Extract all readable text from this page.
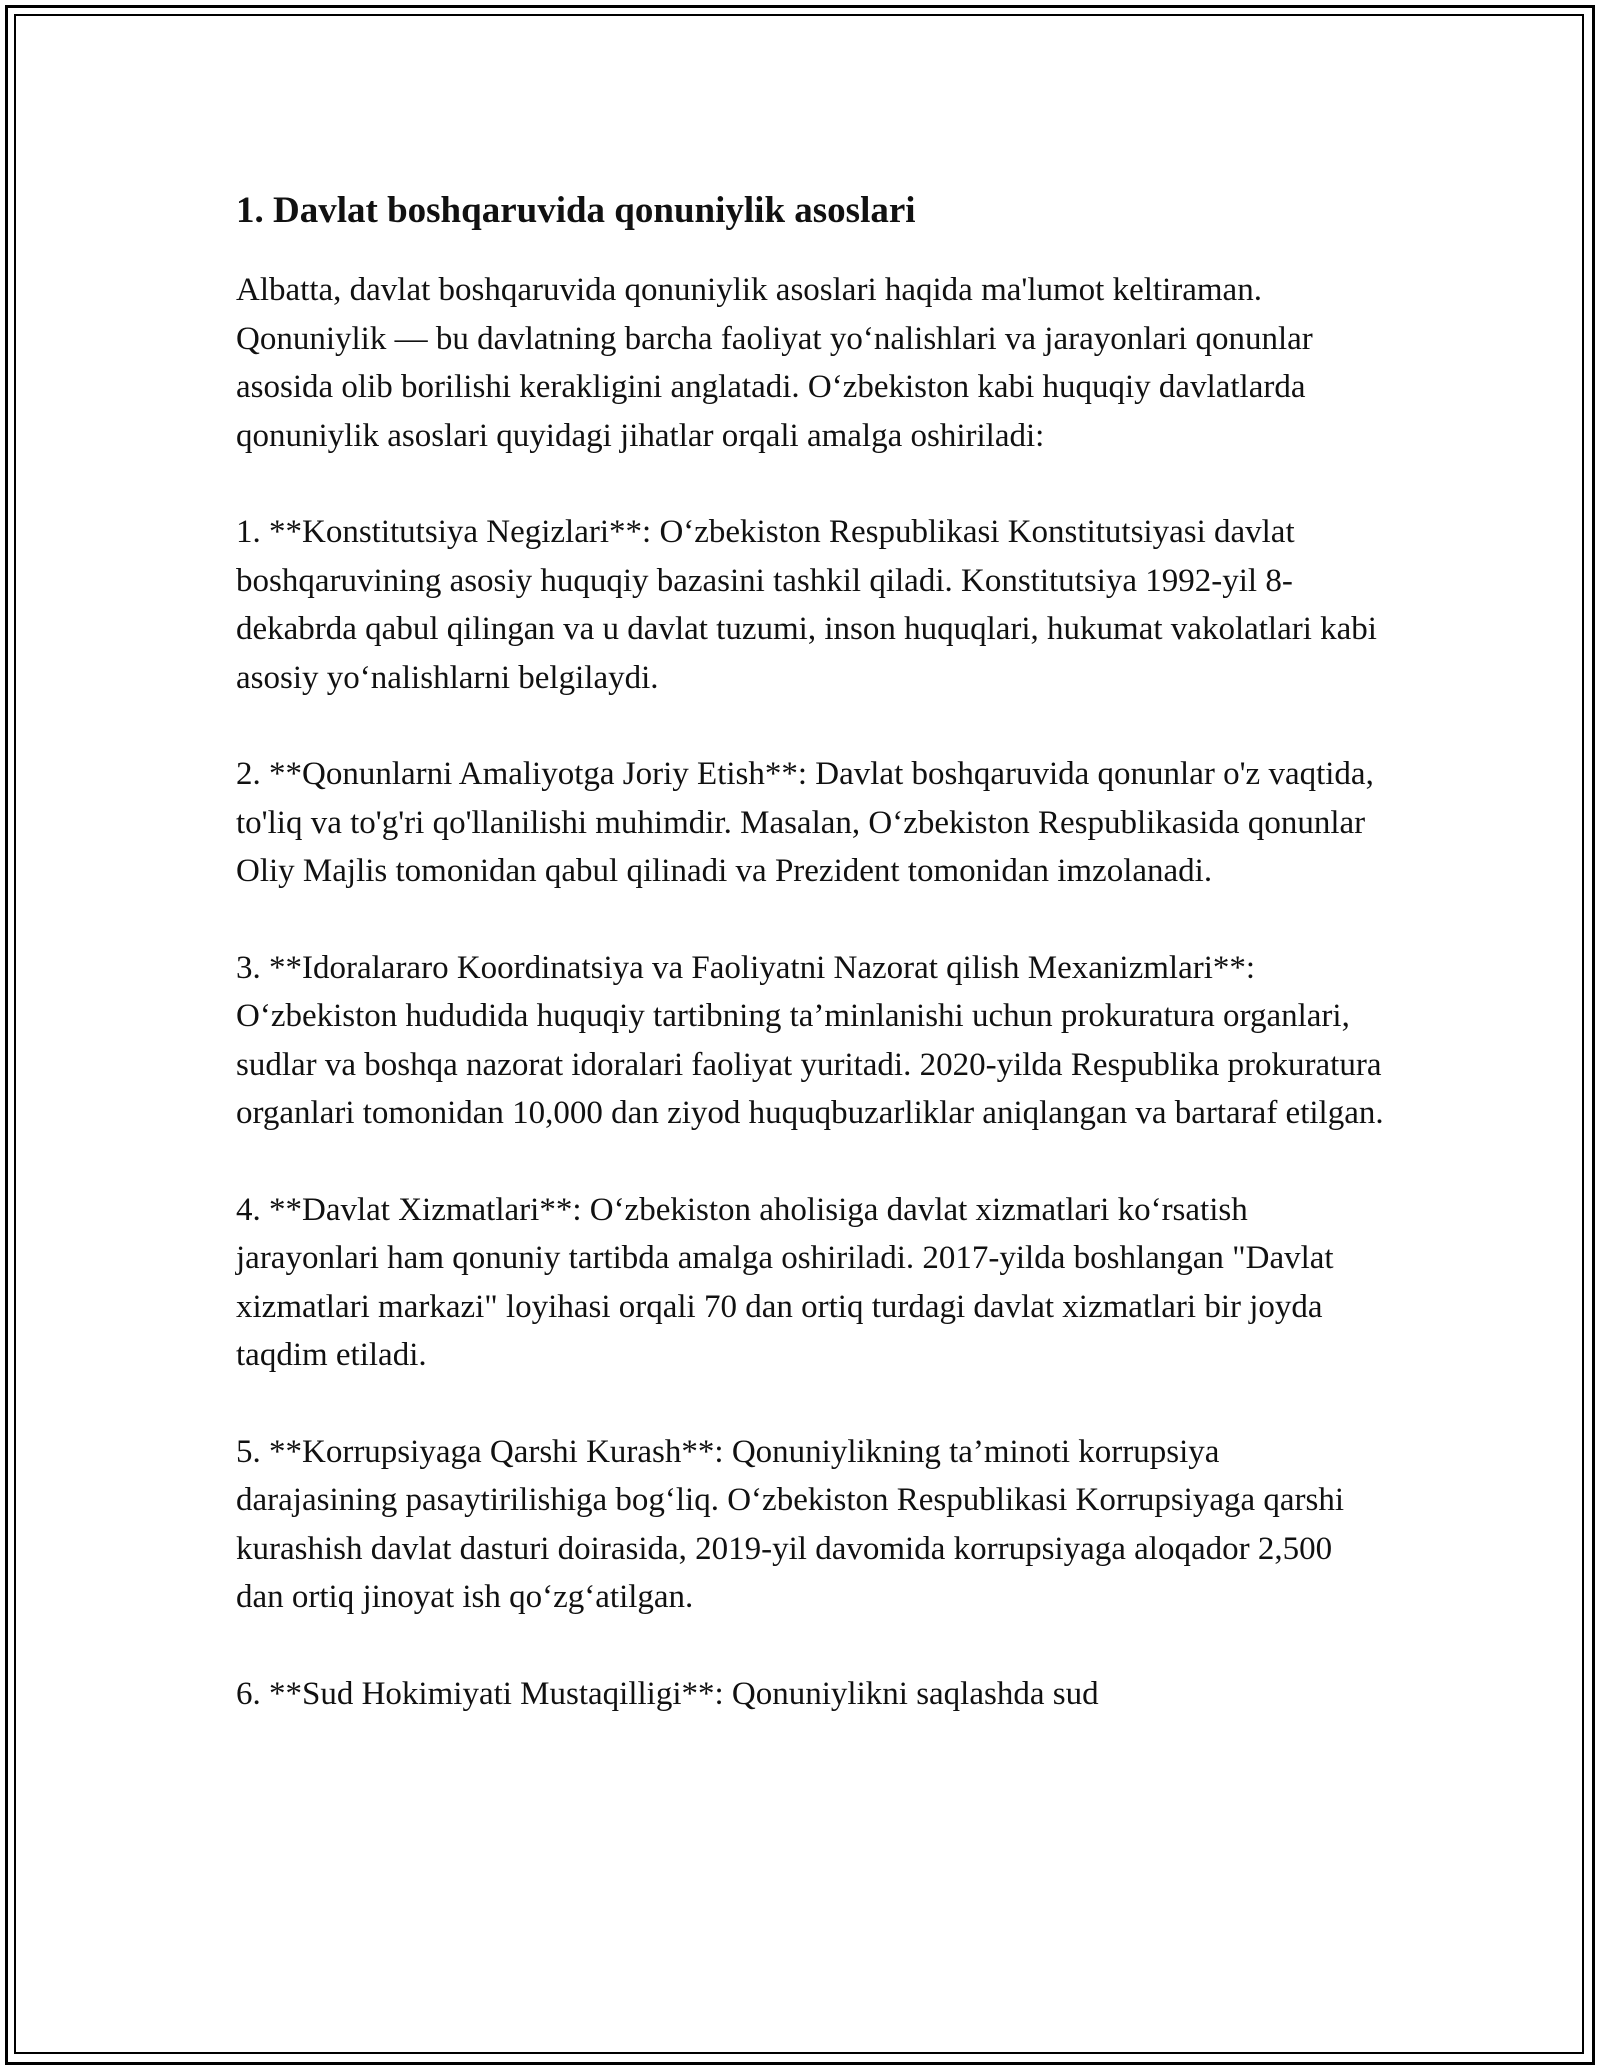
1. Davlat boshqaruvida qonuniylik asoslari

Albatta, davlat boshqaruvida qonuniylik asoslari haqida ma'lumot keltiraman. Qonuniylik — bu davlatning barcha faoliyat yo‘nalishlari va jarayonlari qonunlar asosida olib borilishi kerakligini anglatadi. O‘zbekiston kabi huquqiy davlatlarda qonuniylik asoslari quyidagi jihatlar orqali amalga oshiriladi:

1. **Konstitutsiya Negizlari**: O‘zbekiston Respublikasi Konstitutsiyasi davlat boshqaruvining asosiy huquqiy bazasini tashkil qiladi. Konstitutsiya 1992-yil 8-dekabrda qabul qilingan va u davlat tuzumi, inson huquqlari, hukumat vakolatlari kabi asosiy yo‘nalishlarni belgilaydi.

2. **Qonunlarni Amaliyotga Joriy Etish**: Davlat boshqaruvida qonunlar o'z vaqtida, to'liq va to'g'ri qo'llanilishi muhimdir. Masalan, O‘zbekiston Respublikasida qonunlar Oliy Majlis tomonidan qabul qilinadi va Prezident tomonidan imzolanadi.

3. **Idoralararo Koordinatsiya va Faoliyatni Nazorat qilish Mexanizmlari**: O‘zbekiston hududida huquqiy tartibning ta’minlanishi uchun prokuratura organlari, sudlar va boshqa nazorat idoralari faoliyat yuritadi. 2020-yilda Respublika prokuratura organlari tomonidan 10,000 dan ziyod huquqbuzarliklar aniqlangan va bartaraf etilgan.

4. **Davlat Xizmatlari**: O‘zbekiston aholisiga davlat xizmatlari ko‘rsatish jarayonlari ham qonuniy tartibda amalga oshiriladi. 2017-yilda boshlangan "Davlat xizmatlari markazi" loyihasi orqali 70 dan ortiq turdagi davlat xizmatlari bir joyda taqdim etiladi.

5. **Korrupsiyaga Qarshi Kurash**: Qonuniylikning ta’minoti korrupsiya darajasining pasaytirilishiga bog‘liq. O‘zbekiston Respublikasi Korrupsiyaga qarshi kurashish davlat dasturi doirasida, 2019-yil davomida korrupsiyaga aloqador 2,500 dan ortiq jinoyat ish qo‘zg‘atilgan.

6. **Sud Hokimiyati Mustaqilligi**: Qonuniylikni saqlashda sud
